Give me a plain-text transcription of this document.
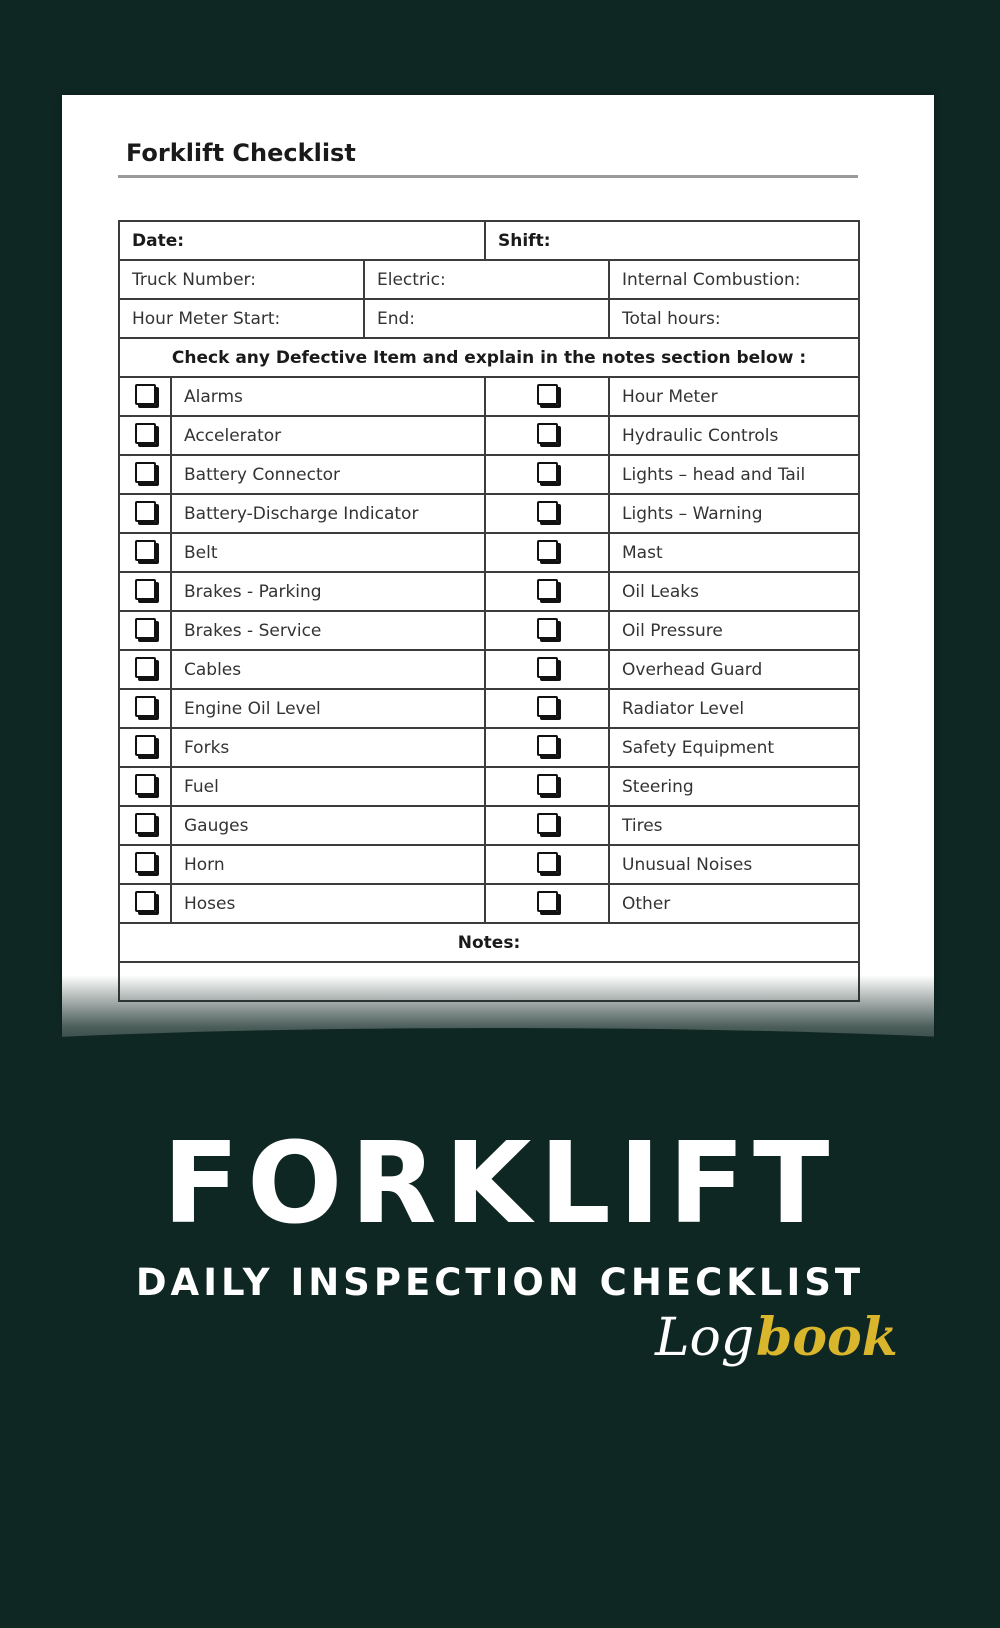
Forklift Checklist
Date:			Shift:	
Truck Number:		Electric:		Internal Combustion:
Hour Meter Start:		End:		Total hours:
Check any Defective Item and explain in the notes section below :				
	Alarms			Hour Meter
	Accelerator			Hydraulic Controls
	Battery Connector			Lights – head and Tail
	Battery-Discharge Indicator			Lights – Warning
	Belt			Mast
	Brakes - Parking			Oil Leaks
	Brakes - Service			Oil Pressure
	Cables			Overhead Guard
	Engine Oil Level			Radiator Level
	Forks			Safety Equipment
	Fuel			Steering
	Gauges			Tires
	Horn			Unusual Noises
	Hoses			Other
Notes:				

FORKLIFT
DAILY INSPECTION CHECKLIST
Log book
